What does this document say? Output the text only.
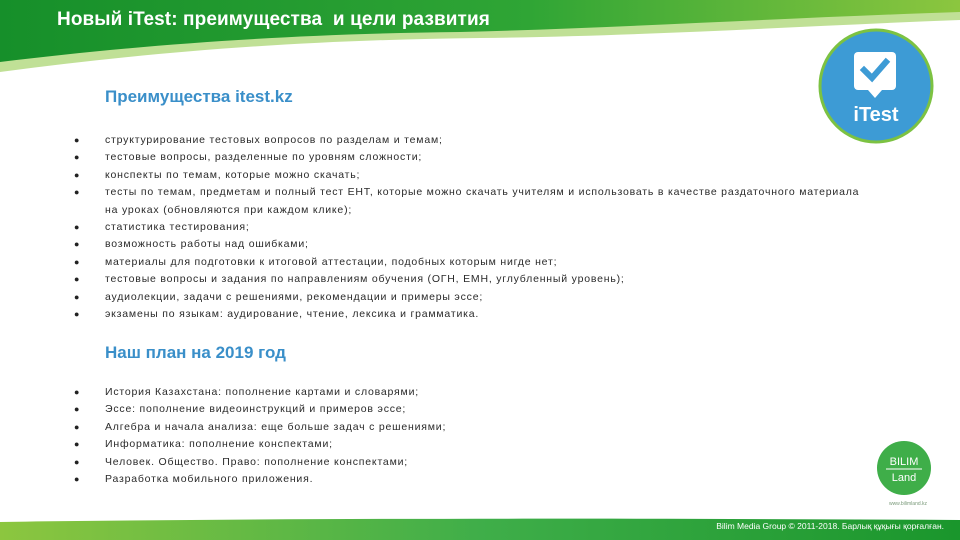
Новый iTest: преимущества  и цели развития
iTest
Преимущества itest.kz
● структурирование тестовых вопросов по разделам и темам;
● тестовые вопросы, разделенные по уровням сложности;
● конспекты по темам, которые можно скачать;
● тесты по темам, предметам и полный тест ЕНТ, которые можно скачать учителям и использовать в качестве раздаточного материала на уроках (обновляются при каждом клике);
● статистика тестирования;
● возможность работы над ошибками;
● материалы для подготовки к итоговой аттестации, подобных которым нигде нет;
● тестовые вопросы и задания по направлениям обучения (ОГН, ЕМН, углубленный уровень);
● аудиолекции, задачи с решениями, рекомендации и примеры эссе;
● экзамены по языкам: аудирование, чтение, лексика и грамматика.
Наш план на 2019 год
● История Казахстана: пополнение картами и словарями;
● Эссе: пополнение видеоинструкций и примеров эссе;
● Алгебра и начала анализа: еще больше задач с решениями;
● Информатика: пополнение конспектами;
● Человек. Общество. Право: пополнение конспектами;
● Разработка мобильного приложения.
BILIM
Land
www.bilimland.kz
Bilim Media Group © 2011-2018. Барлық құқығы қорғалған.
